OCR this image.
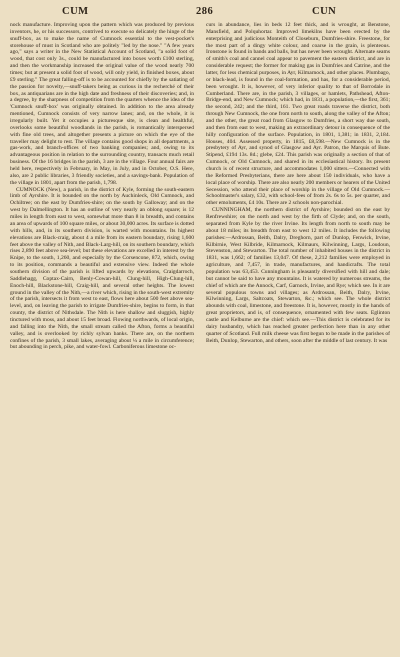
CUM	286	CUN

nock manufacture. Improving upon the pattern which was produced by previous inventors, he, or his successors, contrived to execute so delicately the hinge of the snuff-box, as to make the name of Cumnock essential to the vest-pocket's storehouse of must in Scotland who are politely "led by the nose." "A few years ago," says a writer in the New Statistical Account of Scotland, "a solid foot of wood, that cost only 3s., could be manufactured into boxes worth £100 sterling, and then the workmanship increased the original value of the wood nearly 700 times; but at present a solid foot of wood, will only yield, in finished boxes, about £9 sterling." The great falling-off is to be accounted for chiefly by the satiating of the passion for novelty,—snuff-takers being as curious in the recherché of their box, as antiquarians are in the high date and freshness of their discoveries; and, in a degree, by the sharpness of competition from the quarters whence the idea of the 'Cumnock snuff-box' was originally obtained. In addition to the area already mentioned, Cumnock consists of very narrow lanes; and, on the whole, it is irregularly built. Yet it occupies a picturesque site, is clean and healthful, overlooks some beautiful woodlands in the parish, is romantically interspersed with fine old trees, and altogether presents a picture on which the eye of the traveller may delight to rest. The village contains good shops in all departments, a gas-work, and branch-offices of two banking companies; and, owing to its advantageous position in relation to the surrounding country, transacts much retail business. Of the 16 bridges in the parish, 3 are in the village. Four annual fairs are held here, respectively in February, in May, in July, and in October, O.S. Here, also, are 2 public libraries, 3 friendly societies, and a savings-bank. Population of the village in 1801, apart from the parish, 1,798.

CUMNOCK (New), a parish, in the district of Kyle, forming the south-eastern limb of Ayrshire. It is bounded on the north by Auchinleck, Old Cumnock, and Ochiltree; on the east by Dumfries-shire; on the south by Galloway; and on the west by Dalmellington. It has an outline of very nearly an oblong square; is 12 miles in length from east to west, somewhat more than 8 in breadth, and contains an area of upwards of 100 square miles, or about 30,000 acres. Its surface is dotted with hills, and, in its southern division, is warted with mountains. Its highest elevations are Black-craig, about 4 a mile from its eastern boundary, rising 1,600 feet above the valley of Nith, and Black-Larg-hill, on its southern boundary, which rises 2,890 feet above sea-level; but these elevations are excelled in interest by the Knipe, to the south, 1,260, and especially by the Corsencone, 872, which, owing to its position, commands a beautiful and extensive view. Indeed the whole southern division of the parish is lifted upwards by elevations, Craigdarroch, Saddlehagg, Coptax-Cairn, Benly-Cowan-hill, Clung-hill, High-Clung-hill, Enoch-hill, Blackstone-hill, Craig-hill, and several other heights. The lowest ground in the valley of the Nith,—a river which, rising in the south-west extremity of the parish, intersects it from west to east, flows here about 500 feet above sea-level, and, on leaving the parish to irrigate Dumfries-shire, begins to form, in that county, the district of Nithsdale. The Nith is here shallow and sluggish, highly tinctured with moss, and about 15 feet broad. Flowing northwards, of local origin, and falling into the Nith, the small stream called the Afton, forms a beautiful valley, and is overlooked by richly sylvan banks. There are, on the northern confines of the parish, 3 small lakes, averaging about ¼ a mile in circumference; but abounding in perch, pike, and water-fowl. Carboniferous limestone oc-

curs in abundance, lies in beds 12 feet thick, and is wrought, at Benstone, Mansfield, and Polquhortar. Improved limekilns have been erected by the enterprising and judicious Monteith of Closeburn, Dumfries-shire. Freestone, for the most part of a dingy white colour, and coarse in the grain, is plenteous. Ironstone is found in bands and balls, but has never been wrought. Alternate seams of smith's coal and cannel coal appear to pavement the eastern district, and are in considerable request; the former for making gas in Dumfries and Catrine, and the latter, for less chemical purposes, in Ayr, Kilmarnock, and other places. Plumbago, or black-lead, is found in the coal-formation, and has, for a considerable period, been wrought. It is, however, of very inferior quality to that of Borrodale in Cumberland. There are, in the parish, 3 villages, or hamlets, Pathshead, Afton-Bridge-end, and New Cumnock; which had, in 1831, a population,—the first, 361; the second, 242; and the third, 161. Two great roads traverse the district, both through New Cumnock, the one from north to south, along the valley of the Afton; and the other, the great road from Glasgow to Dumfries, a short way due south, and then from east to west, making an extraordinary detour in consequence of the hilly configuration of the surface. Population, in 1801, 1,381; in 1831, 2,184. Houses, 404. Assessed property, in 1815, £8,598.—New Cumnock is in the presbytery of Ayr, and synod of Glasgow and Ayr. Patron, the Marquis of Bute. Stipend, £194 13s. 8d.; glebe, £24. This parish was originally a section of that of Cumnock, or Old Cumnock, and shared in its ecclesiastical history. Its present church is of recent structure, and accommodates 1,000 sitters.—Connected with the Reformed Presbyterians, there are here about 150 individuals, who have a local place of worship. There are also nearly 200 members or hearers of the United Secession, who attend their place of worship in the village of Old Cumnock.—Schoolmaster's salary, £32, with school-fees of from 2s. 6s to 5s. per quarter, and other emoluments, £4 10s. There are 2 schools non-parochial.

CUNNINGHAM, the northern district of Ayrshire; bounded on the east by Renfrewshire; on the north and west by the firth of Clyde; and, on the south, separated from Kyle by the river Irvine. Its length from north to south may be about 18 miles; its breadth from east to west 12 miles. It includes the following parishes:—Ardrossan, Beith, Dalry, Dreghorn, part of Dunlop, Fenwick, Irvine, Kilbirnie, West Kilbride, Kilmarnock, Kilmaurs, Kilwinning, Largs, Loudoun, Stevenston, and Stewarton. The total number of inhabited houses in the district in 1831, was 1,662; of families 13,047. Of these, 2,212 families were employed in agriculture, and 7,457, in trade, manufactures, and handicrafts. The total population was 63,453. Cunningham is pleasantly diversified with hill and dale; but cannot be said to have any mountains. It is watered by numerous streams, the chief of which are the Annock, Carf, Garnock, Irvine, and Rye; which see. In it are several populous towns and villages; as Ardrossan, Beith, Dalry, Irvine, Kilwinning, Largs, Saltcoats, Stewarton, &c.; which see. The whole district abounds with coal, limestone, and freestone. It is, however, mostly in the hands of great proprietors, and is, of consequence, ornamented with few seats. Eglinton castle and Kelburne are the chief: which see.—This district is celebrated for its dairy husbandry, which has reached greater perfection here than in any other quarter of Scotland. Full milk cheese was first begun to be made in the parishes of Beith, Dunlop, Stewarton, and others, soon after the middle of last century. It was
